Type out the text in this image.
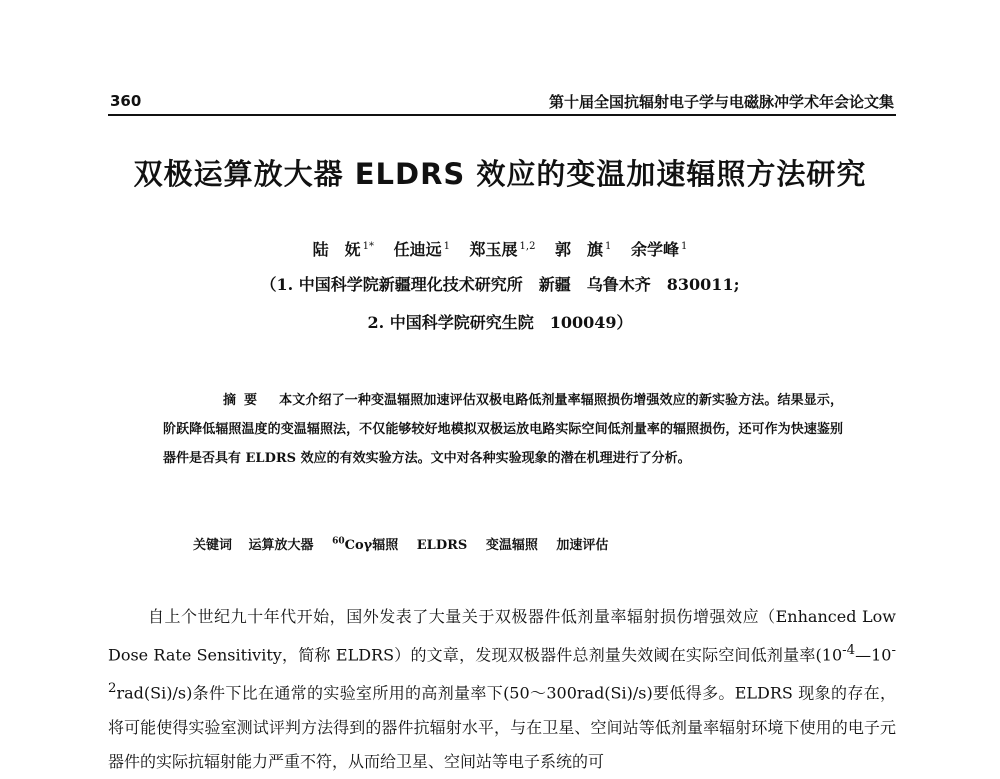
360	第十届全国抗辐射电子学与电磁脉冲学术年会论文集
双极运算放大器 ELDRS 效应的变温加速辐照方法研究
陆　妩 $^{1*}$ 任迪远 $^1$ 郑玉展 $^{1,2}$ 郭　旗 $^1$ 余学峰 $^1$
（1. 中国科学院新疆理化技术研究所　新疆　乌鲁木齐　830011;
2. 中国科学院研究生院　100049）

摘要 本文介绍了一种变温辐照加速评估双极电路低剂量率辐照损伤增强效应的新实验方法。结果显示，阶跃降低辐照温度的变温辐照法，不仅能够较好地模拟双极运放电路实际空间低剂量率的辐照损伤，还可作为快速鉴别器件是否具有 ELDRS 效应的有效实验方法。文中对各种实验现象的潜在机理进行了分析。

关键词 运算放大器 $^{60}$Coγ辐照 ELDRS 变温辐照 加速评估

自上个世纪九十年代开始，国外发表了大量关于双极器件低剂量率辐射损伤增强效应（Enhanced Low Dose Rate Sensitivity，简称 ELDRS）的文章，发现双极器件总剂量失效阈在实际空间低剂量率$(10^{-4}—10^{-2}rad(Si)/s)$条件下比在通常的实验室所用的高剂量率下(50～300rad(Si)/s)要低得多。ELDRS 现象的存在，将可能使得实验室测试评判方法得到的器件抗辐射水平，与在卫星、空间站等低剂量率辐射环境下使用的电子元器件的实际抗辐射能力严重不符，从而给卫星、空间站等电子系统的可
